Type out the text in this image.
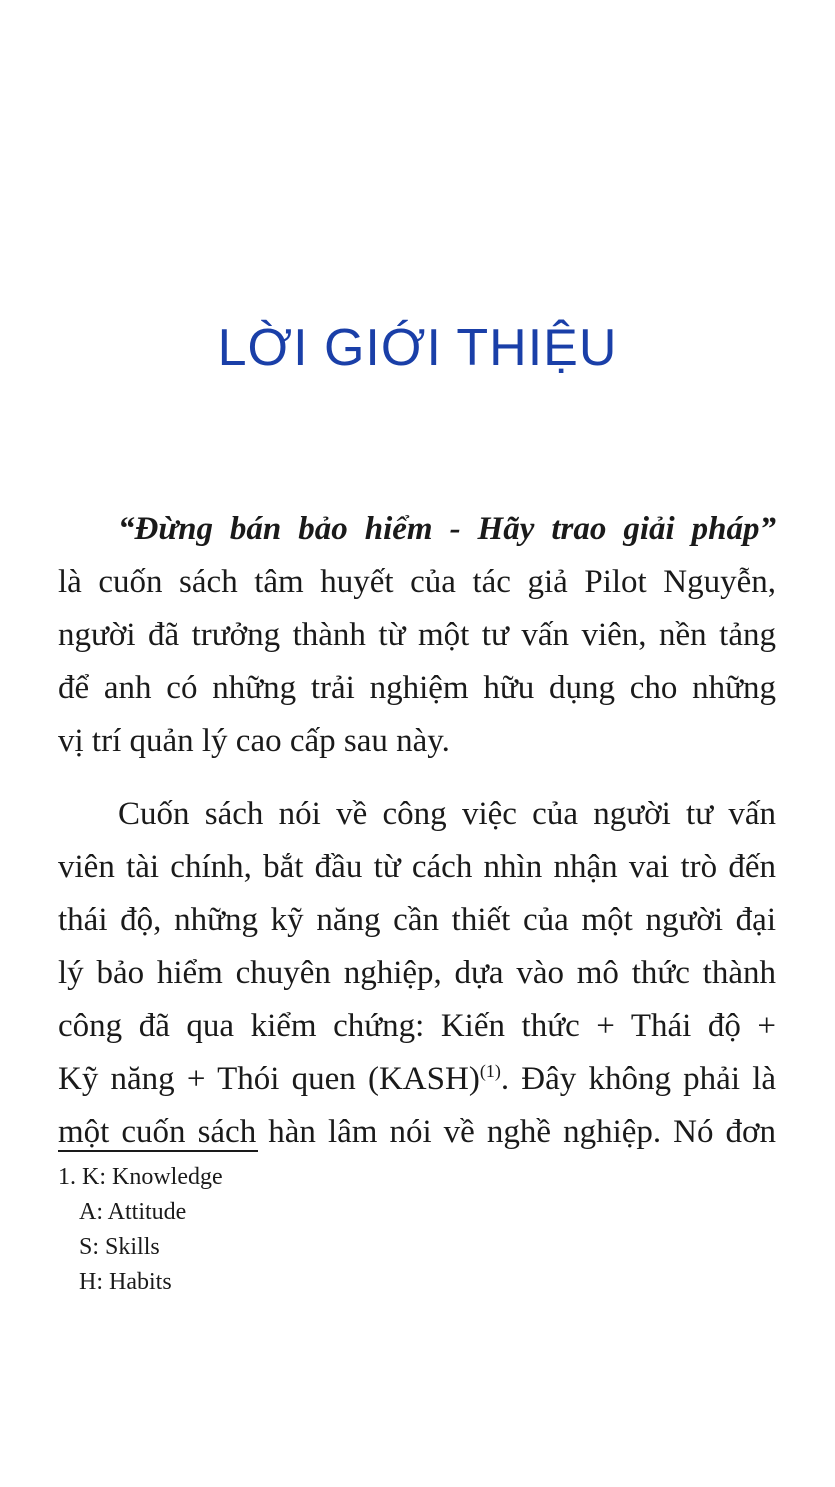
LỜI GIỚI THIỆU
“Đừng bán bảo hiểm - Hãy trao giải pháp”
là cuốn sách tâm huyết của tác giả Pilot Nguyễn,
người đã trưởng thành từ một tư vấn viên, nền tảng
để anh có những trải nghiệm hữu dụng cho những
vị trí quản lý cao cấp sau này.
Cuốn sách nói về công việc của người tư vấn
viên tài chính, bắt đầu từ cách nhìn nhận vai trò đến
thái độ, những kỹ năng cần thiết của một người đại
lý bảo hiểm chuyên nghiệp, dựa vào mô thức thành
công đã qua kiểm chứng: Kiến thức + Thái độ +
Kỹ năng + Thói quen (KASH)$^{(1)}$. Đây không phải là
một cuốn sách hàn lâm nói về nghề nghiệp. Nó đơn
1. K: Knowledge
A: Attitude
S: Skills
H: Habits
